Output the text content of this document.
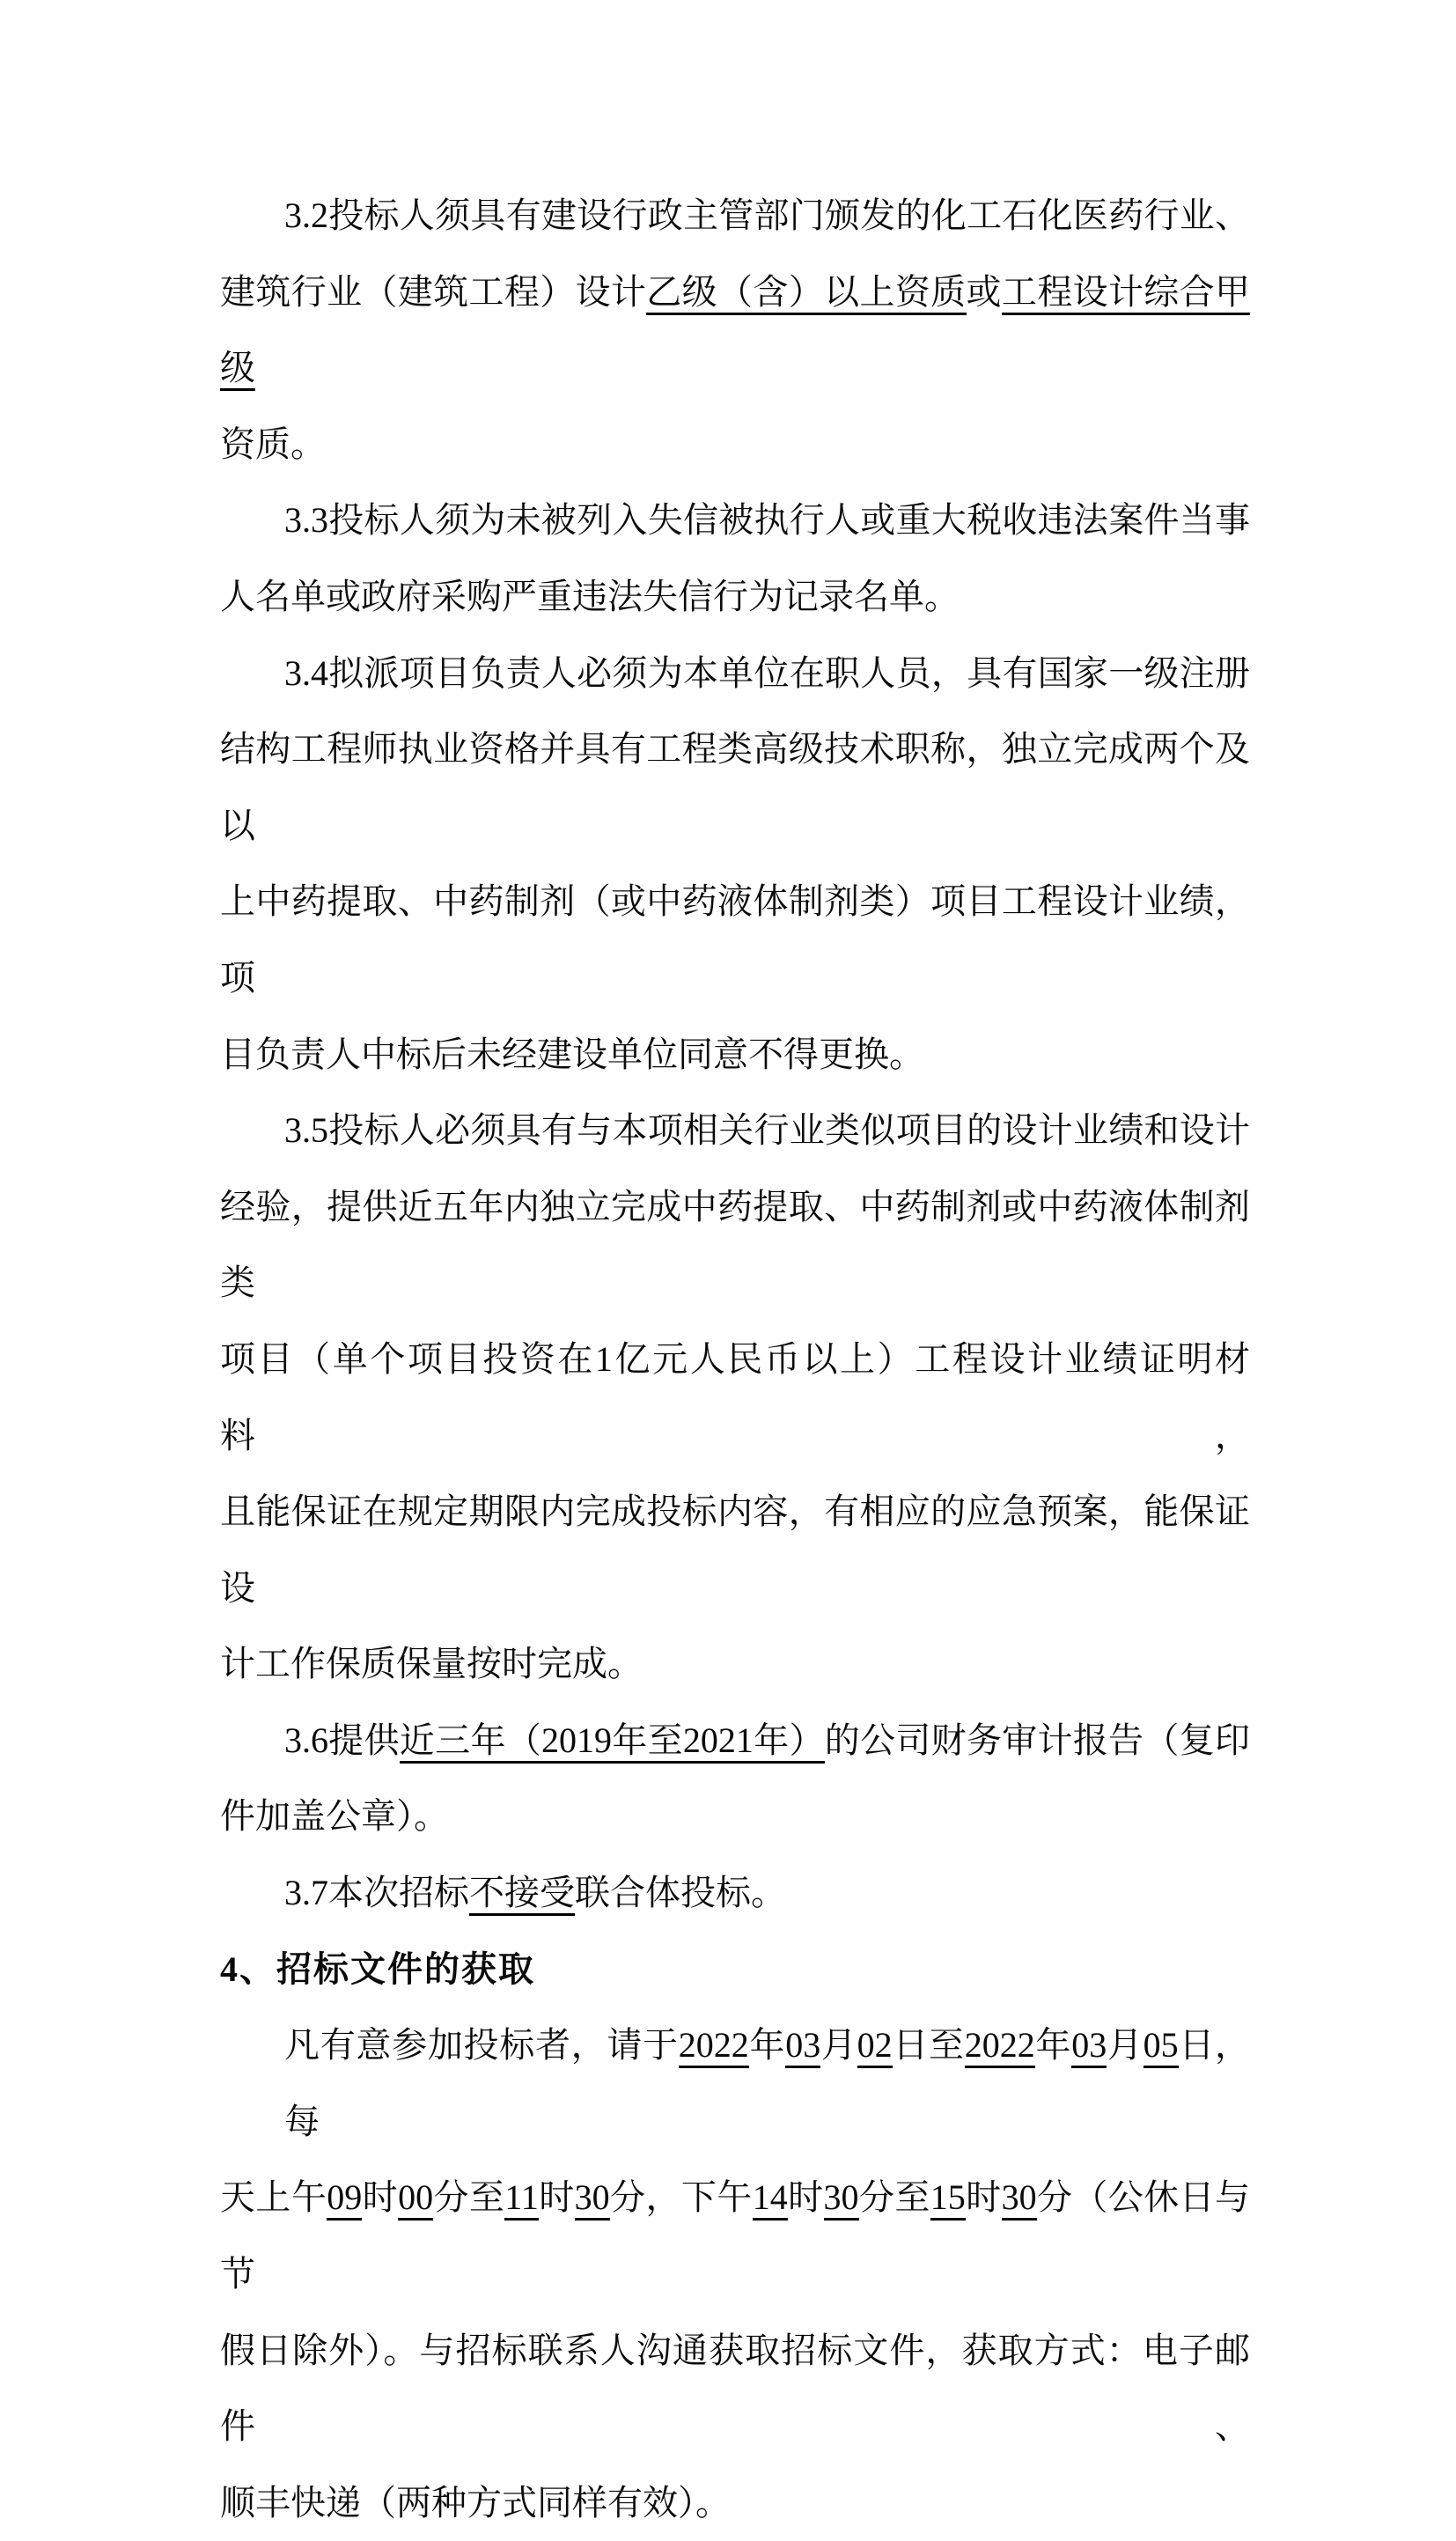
3.2投标人须具有建设行政主管部门颁发的化工石化医药行业、
建筑行业（建筑工程）设计乙级（含）以上资质或工程设计综合甲级
资质。
3.3投标人须为未被列入失信被执行人或重大税收违法案件当事
人名单或政府采购严重违法失信行为记录名单。
3.4拟派项目负责人必须为本单位在职人员，具有国家一级注册
结构工程师执业资格并具有工程类高级技术职称，独立完成两个及以
上中药提取、中药制剂（或中药液体制剂类）项目工程设计业绩，项
目负责人中标后未经建设单位同意不得更换。
3.5投标人必须具有与本项相关行业类似项目的设计业绩和设计
经验，提供近五年内独立完成中药提取、中药制剂或中药液体制剂类
项目（单个项目投资在1亿元人民币以上）工程设计业绩证明材料，
且能保证在规定期限内完成投标内容，有相应的应急预案，能保证设
计工作保质保量按时完成。
3.6提供近三年（2019年至2021年）的公司财务审计报告（复印
件加盖公章）。
3.7本次招标不接受联合体投标。
4、招标文件的获取
凡有意参加投标者，请于2022年03月02日至2022年03月05日，每
天上午09时00分至11时30分，下午14时30分至15时30分（公休日与节
假日除外）。与招标联系人沟通获取招标文件，获取方式：电子邮件、
顺丰快递（两种方式同样有效）。
